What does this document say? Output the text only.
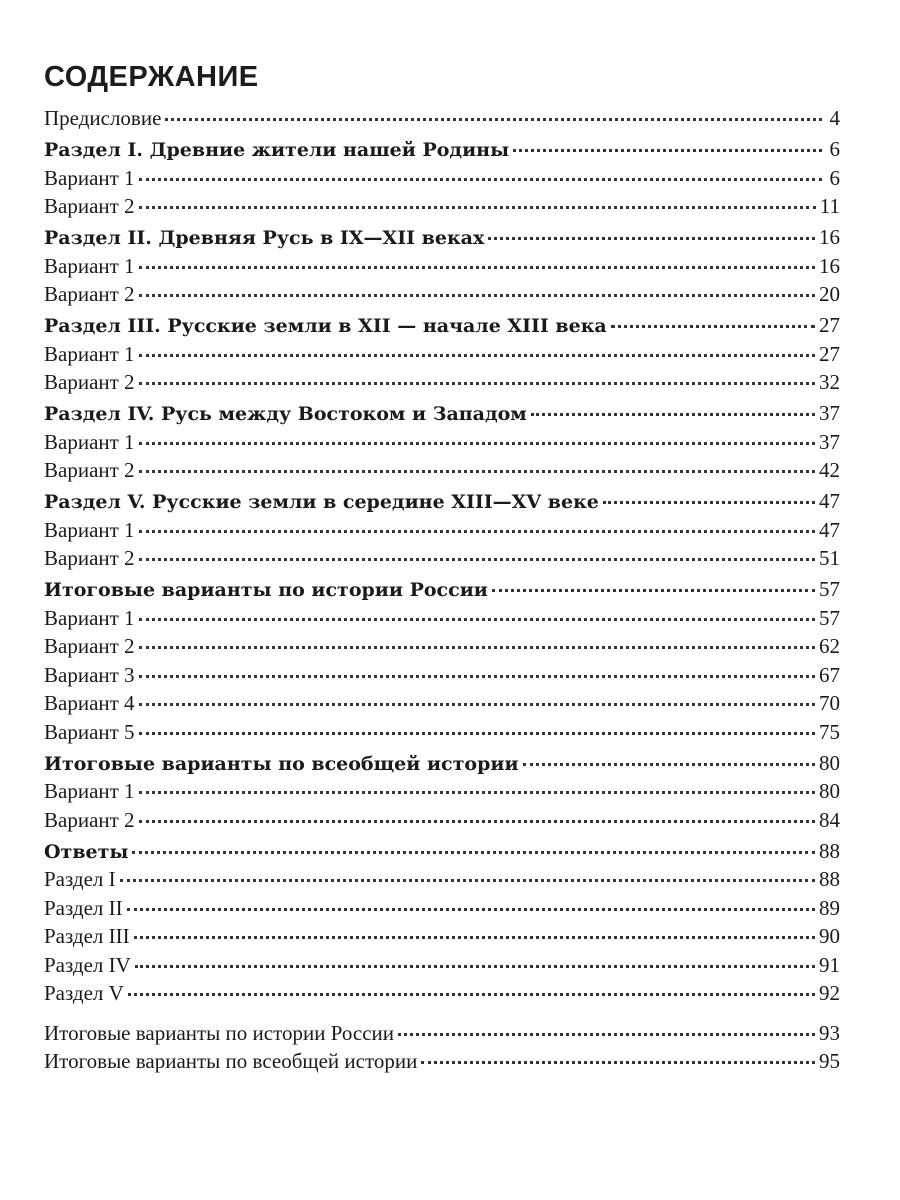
СОДЕРЖАНИЕ
Предисловие	4
Раздел I. Древние жители нашей Родины	6
Вариант 1	6
Вариант 2	11
Раздел II. Древняя Русь в IX—XII веках	16
Вариант 1	16
Вариант 2	20
Раздел III. Русские земли в XII — начале XIII века	27
Вариант 1	27
Вариант 2	32
Раздел IV. Русь между Востоком и Западом	37
Вариант 1	37
Вариант 2	42
Раздел V. Русские земли в середине XIII—XV веке	47
Вариант 1	47
Вариант 2	51
Итоговые варианты по истории России	57
Вариант 1	57
Вариант 2	62
Вариант 3	67
Вариант 4	70
Вариант 5	75
Итоговые варианты по всеобщей истории	80
Вариант 1	80
Вариант 2	84
Ответы	88
Раздел I	88
Раздел II	89
Раздел III	90
Раздел IV	91
Раздел V	92
Итоговые варианты по истории России	93
Итоговые варианты по всеобщей истории	95
